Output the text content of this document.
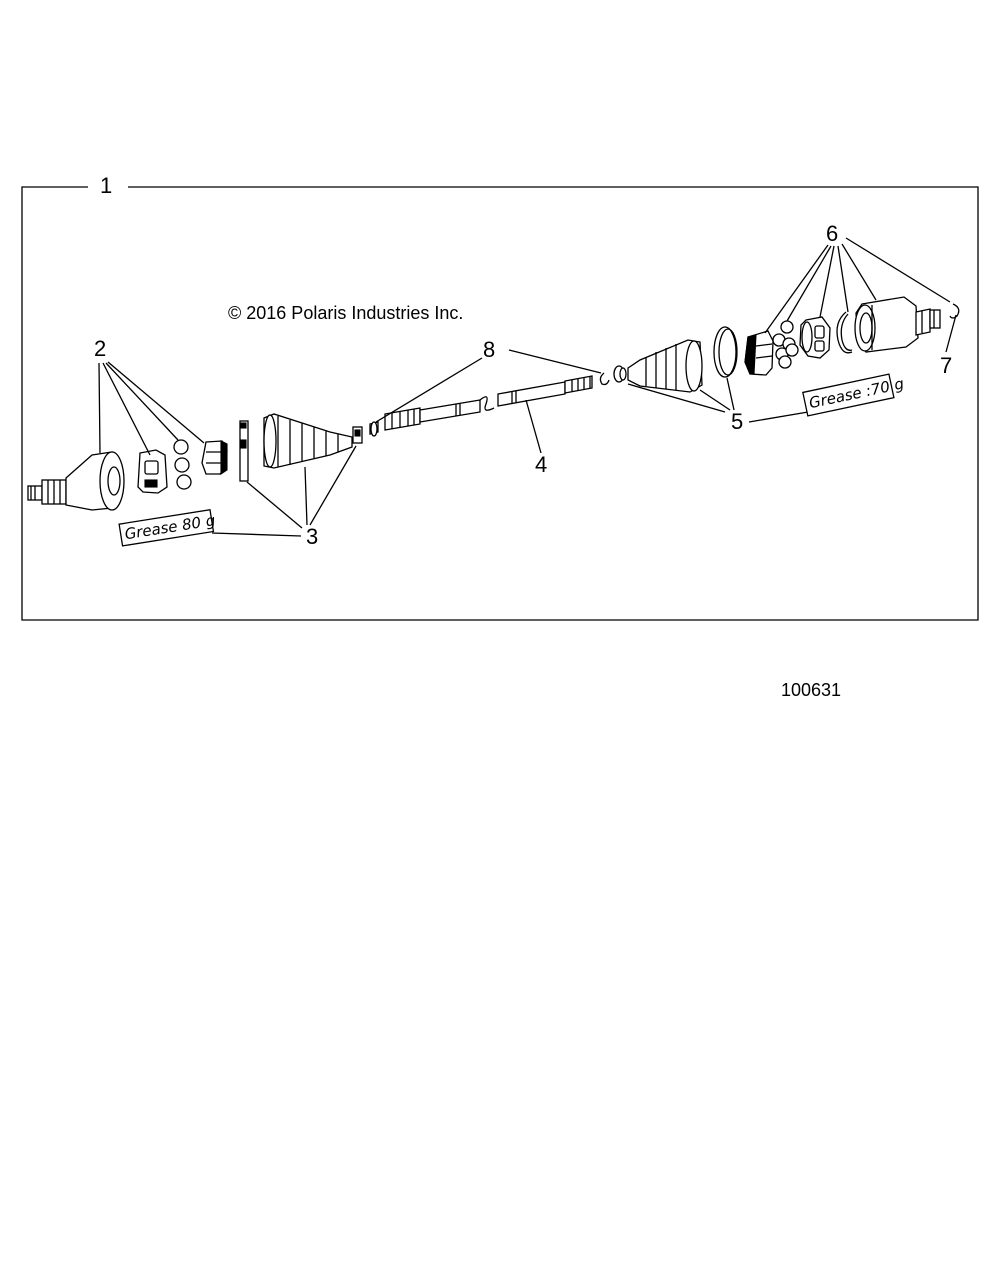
1
© 2016 Polaris Industries Inc.
2
3
Grease 80 g
4
8
5
Grease :70 g
6
7
100631
